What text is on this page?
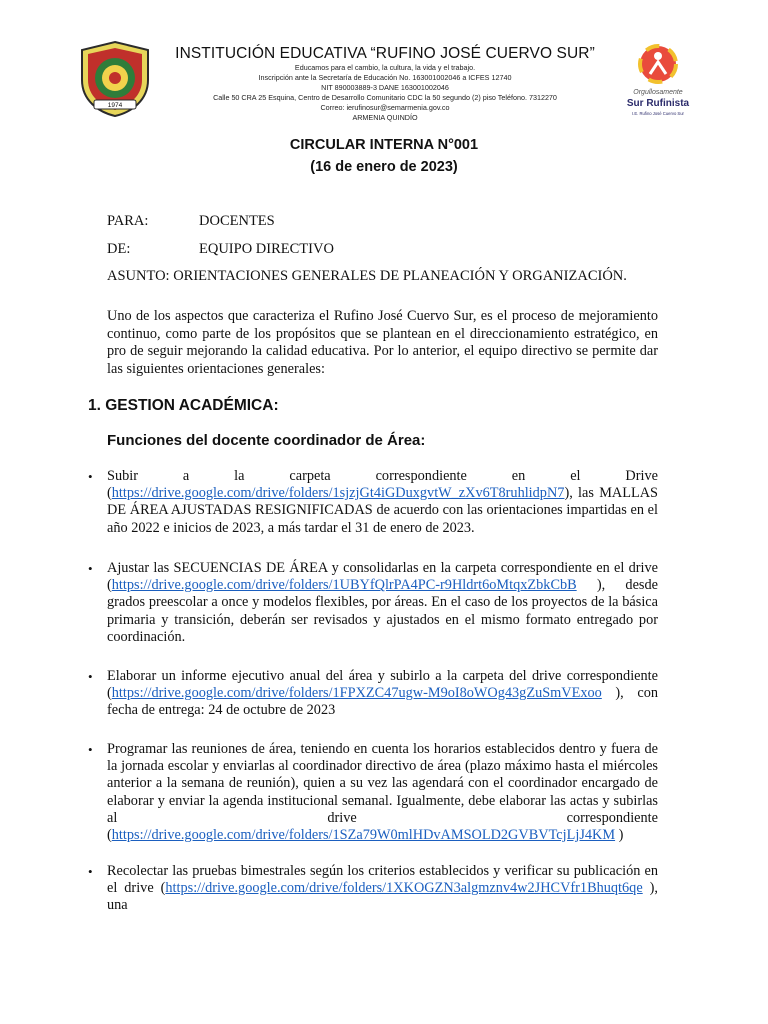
1974
INSTITUCIÓN EDUCATIVA “RUFINO JOSÉ CUERVO SUR”
Educamos para el cambio, la cultura, la vida y el trabajo.
Inscripción ante la Secretaría de Educación No. 163001002046 a ICFES 12740
NIT 890003889-3 DANE 163001002046
Calle 50 CRA 25 Esquina, Centro de Desarrollo Comunitario CDC la 50 segundo (2) piso Teléfono. 7312270
Correo: ierufinosur@semarmenia.gov.co
ARMENIA QUINDÍO
Orgullosamente
Sur Rufinista
I.E. Rufino José Cuervo Sur
CIRCULAR INTERNA N°001
(16 de enero de 2023)
PARA:	DOCENTES
DE:	EQUIPO DIRECTIVO
ASUNTO: ORIENTACIONES GENERALES DE PLANEACIÓN Y ORGANIZACIÓN.
Uno de los aspectos que caracteriza el Rufino José Cuervo Sur, es el proceso de mejoramiento continuo, como parte de los propósitos que se plantean en el direccionamiento estratégico, en pro de seguir mejorando la calidad educativa. Por lo anterior, el equipo directivo se permite dar las siguientes orientaciones generales:
1. GESTION ACADÉMICA:
Funciones del docente coordinador de Área:
• Subir a la carpeta correspondiente en el Drive (https://drive.google.com/drive/folders/1sjzjGt4iGDuxgvtW_zXv6T8ruhlidpN7), las MALLAS DE ÁREA AJUSTADAS RESIGNIFICADAS de acuerdo con las orientaciones impartidas en el año 2022 e inicios de 2023, a más tardar el 31 de enero de 2023.
• Ajustar las SECUENCIAS DE ÁREA y consolidarlas en la carpeta correspondiente en el drive (https://drive.google.com/drive/folders/1UBYfQlrPA4PC-r9Hldrt6oMtqxZbkCbB ), desde grados preescolar a once y modelos flexibles, por áreas. En el caso de los proyectos de la básica primaria y transición, deberán ser revisados y ajustados en el mismo formato entregado por coordinación.
• Elaborar un informe ejecutivo anual del área y subirlo a la carpeta del drive correspondiente (https://drive.google.com/drive/folders/1FPXZC47ugw-M9oI8oWOg43gZuSmVExoo ), con fecha de entrega: 24 de octubre de 2023
• Programar las reuniones de área, teniendo en cuenta los horarios establecidos dentro y fuera de la jornada escolar y enviarlas al coordinador directivo de área (plazo máximo hasta el miércoles anterior a la semana de reunión), quien a su vez las agendará con el coordinador encargado de elaborar y enviar la agenda institucional semanal. Igualmente, debe elaborar las actas y subirlas al drive correspondiente (https://drive.google.com/drive/folders/1SZa79W0mlHDvAMSOLD2GVBVTcjLjJ4KM )
• Recolectar las pruebas bimestrales según los criterios establecidos y verificar su publicación en el drive (https://drive.google.com/drive/folders/1XKOGZN3algmznv4w2JHCVfr1Bhuqt6qe ), una
